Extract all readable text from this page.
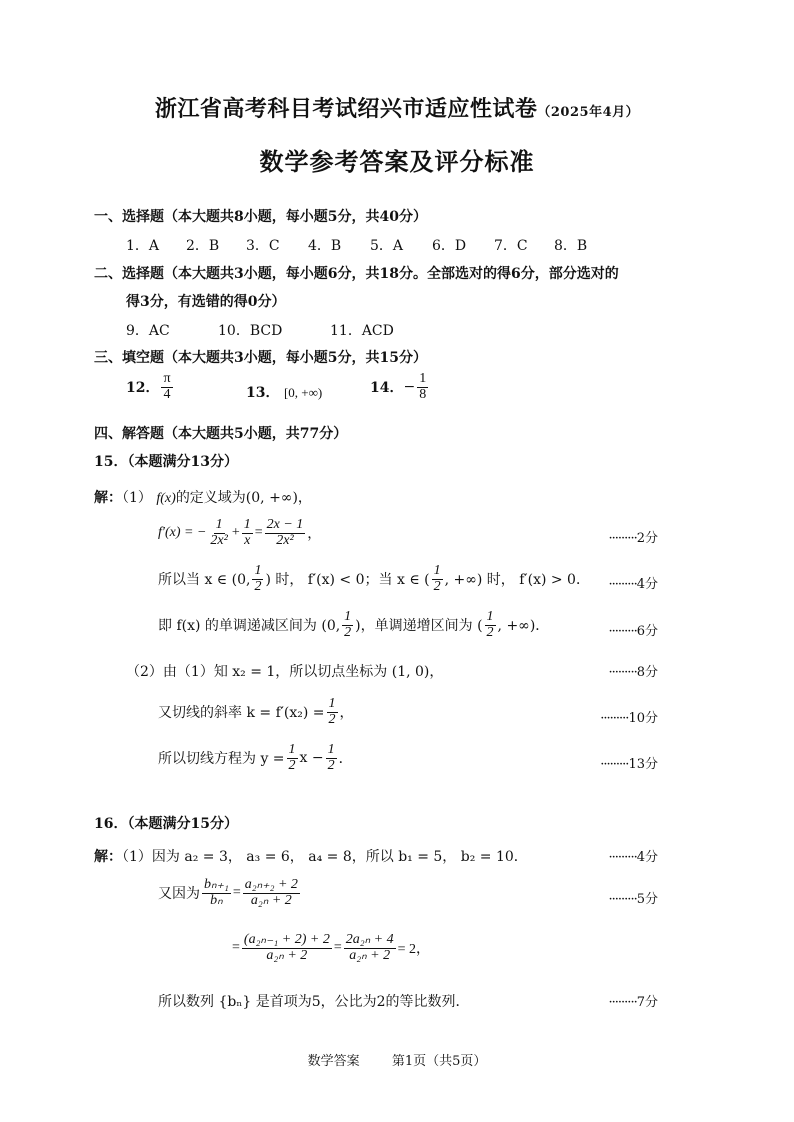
浙江省高考科目考试绍兴市适应性试卷（2025年4月）
数学参考答案及评分标准
一、选择题（本大题共8小题，每小题5分，共40分）
1．A 2．B 3．C 4．B 5．A 6．D 7．C 8．B
二、选择题（本大题共3小题，每小题6分，共18分。全部选对的得6分，部分选对的
得3分，有选错的得0分）
9．AC	10．BCD	11．ACD
三、填空题（本大题共3小题，每小题5分，共15分）
12． $\frac{\pi}{4}$	13． [0, +∞)	14． − $\frac{1}{8}$
四、解答题（本大题共5小题，共77分）
15．（本题满分13分）
解：（1） f(x)的定义域为(0, +∞)，
f′(x) = − $\frac{1}{\text{2x²}} + \frac{1}{x} = \frac{2x - 1}{\text{2x²}}$ ，	·········2分
所以当 x ∈ (0, $\frac{1}{2}$ ) 时， f′(x) < 0；当 x ∈ ( $\frac{1}{2}$ , +∞) 时， f′(x) > 0． ·········4分
即 f(x) 的单调递减区间为 (0, $\frac{1}{2}$ )，单调递增区间为 ( $\frac{1}{2}$ , +∞)．	·········6分
（2）由（1）知 x₂ = 1，所以切点坐标为 (1, 0)，	·········8分
又切线的斜率 $k = f'(x_2) = \frac{1}{2}$ ，	·········10分
所以切线方程为 $y = \frac{1}{2}$ $x - \frac{1}{2}$ ．	·········13分
16．（本题满分15分）
解：（1）因为 a₂ = 3， a₃ = 6， a₄ = 8，所以 b₁ = 5， b₂ = 10．	·········4分
又因为 $\frac{\text{bₙ₊₁}}{\text{bₙ}} = \frac{\text{a₂ₙ₊₂ + 2}}{\text{a₂ₙ + 2}}$	·········5分
= $\frac{\text{(a₂ₙ₋₁ + 2) + 2}}{\text{a₂ₙ + 2}} = \frac{\text{2a₂ₙ + 4}}{\text{a₂ₙ + 2}} = 2$，
所以数列 {bₙ} 是首项为5，公比为2的等比数列．	·········7分
数学答案 第1页（共5页）
